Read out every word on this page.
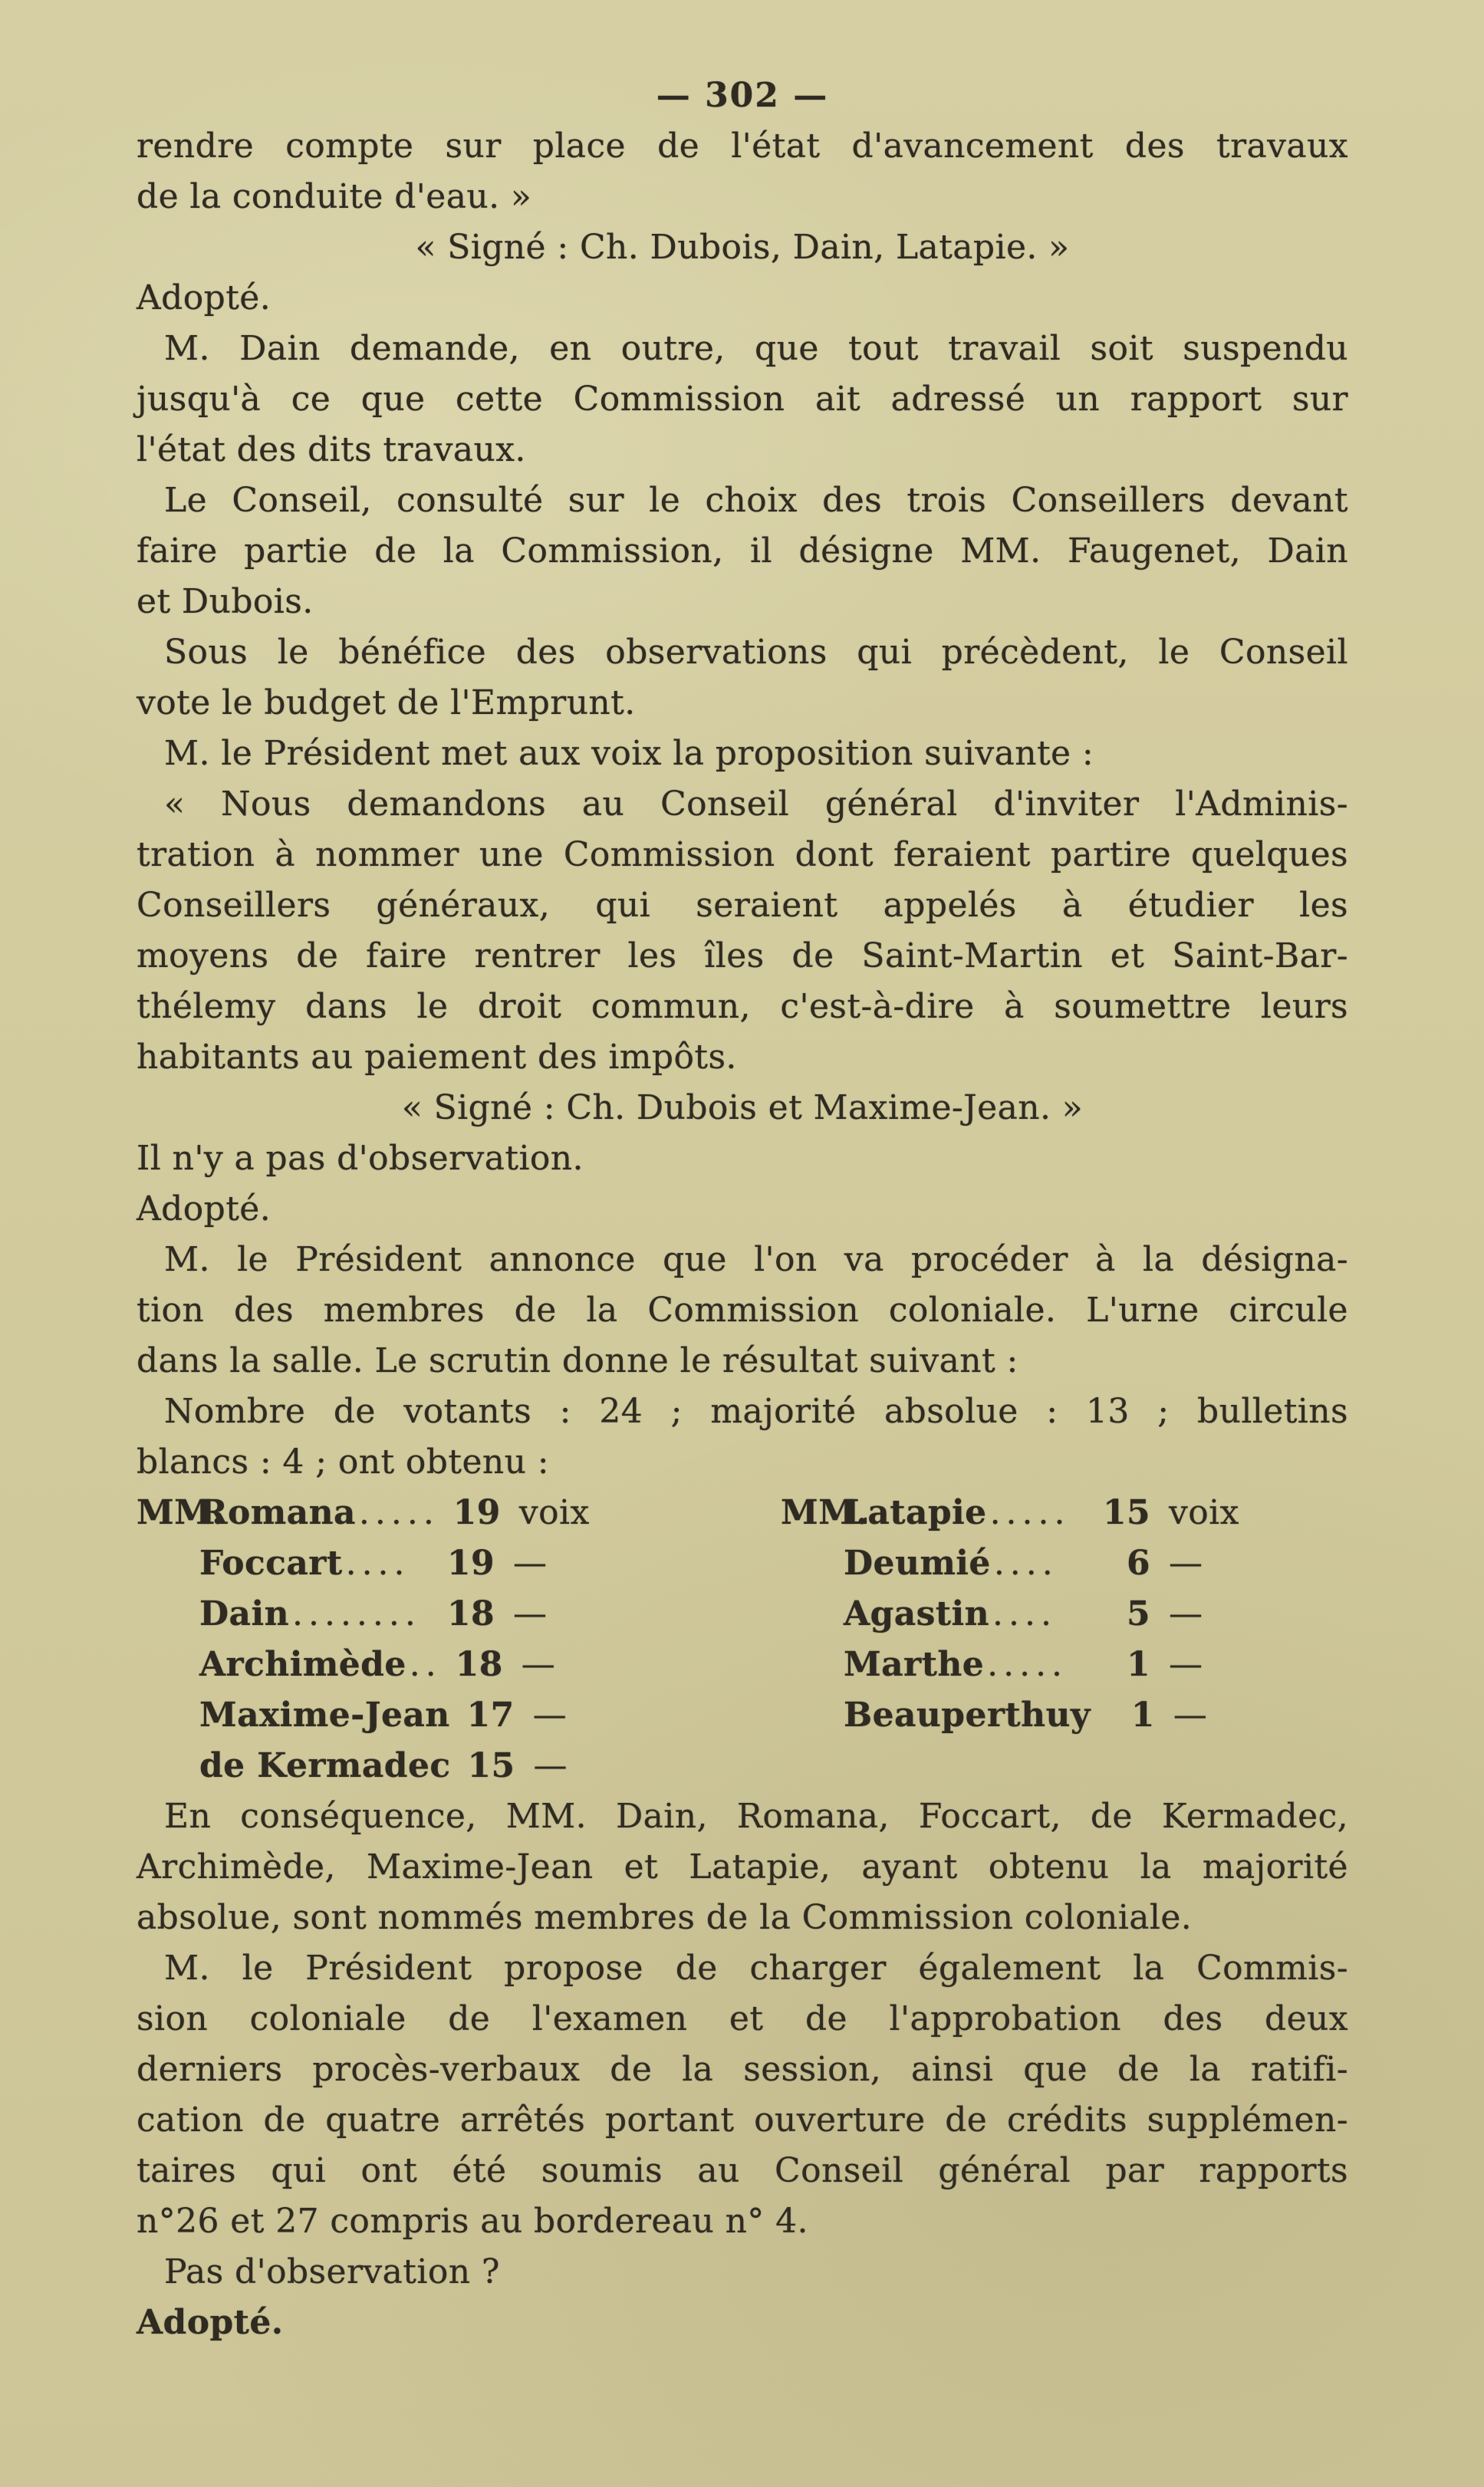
— 302 —

rendre compte sur place de l'état d'avancement des travaux
de la conduite d'eau. »

« Signé : Ch. Dubois, Dain, Latapie. »

Adopté.

M. Dain demande, en outre, que tout travail soit suspendu
jusqu'à ce que cette Commission ait adressé un rapport sur
l'état des dits travaux.

Le Conseil, consulté sur le choix des trois Conseillers devant
faire partie de la Commission, il désigne MM. Faugenet, Dain
et Dubois.

Sous le bénéfice des observations qui précèdent, le Conseil
vote le budget de l'Emprunt.

M. le Président met aux voix la proposition suivante :

« Nous demandons au Conseil général d'inviter l'Adminis-
tration à nommer une Commission dont feraient partire quelques
Conseillers généraux, qui seraient appelés à étudier les
moyens de faire rentrer les îles de Saint-Martin et Saint-Bar-
thélemy dans le droit commun, c'est-à-dire à soumettre leurs
habitants au paiement des impôts.

« Signé : Ch. Dubois et Maxime-Jean. »

Il n'y a pas d'observation.

Adopté.

M. le Président annonce que l'on va procéder à la désigna-
tion des membres de la Commission coloniale. L'urne circule
dans la salle. Le scrutin donne le résultat suivant :

Nombre de votants : 24 ; majorité absolue : 13 ; bulletins
blancs : 4 ; ont obtenu :

MM.
Romana ..... 19 voix
Foccart ....	19 —
Dain ........ 18 —
Archimède .. 18 —
Maxime-Jean 17 —
de Kermadec 15 —
MM.
Latapie ..... 15 voix
Deumié ....	6 —
Agastin ....	5 —
Marthe .....	1 —
Beauperthuy	1 —

En conséquence, MM. Dain, Romana, Foccart, de Kermadec,
Archimède, Maxime-Jean et Latapie, ayant obtenu la majorité
absolue, sont nommés membres de la Commission coloniale.

M. le Président propose de charger également la Commis-
sion coloniale de l'examen et de l'approbation des deux
derniers procès-verbaux de la session, ainsi que de la ratifi-
cation de quatre arrêtés portant ouverture de crédits supplémen-
taires qui ont été soumis au Conseil général par rapports
n°26 et 27 compris au bordereau n° 4.

Pas d'observation ?

Adopté.
